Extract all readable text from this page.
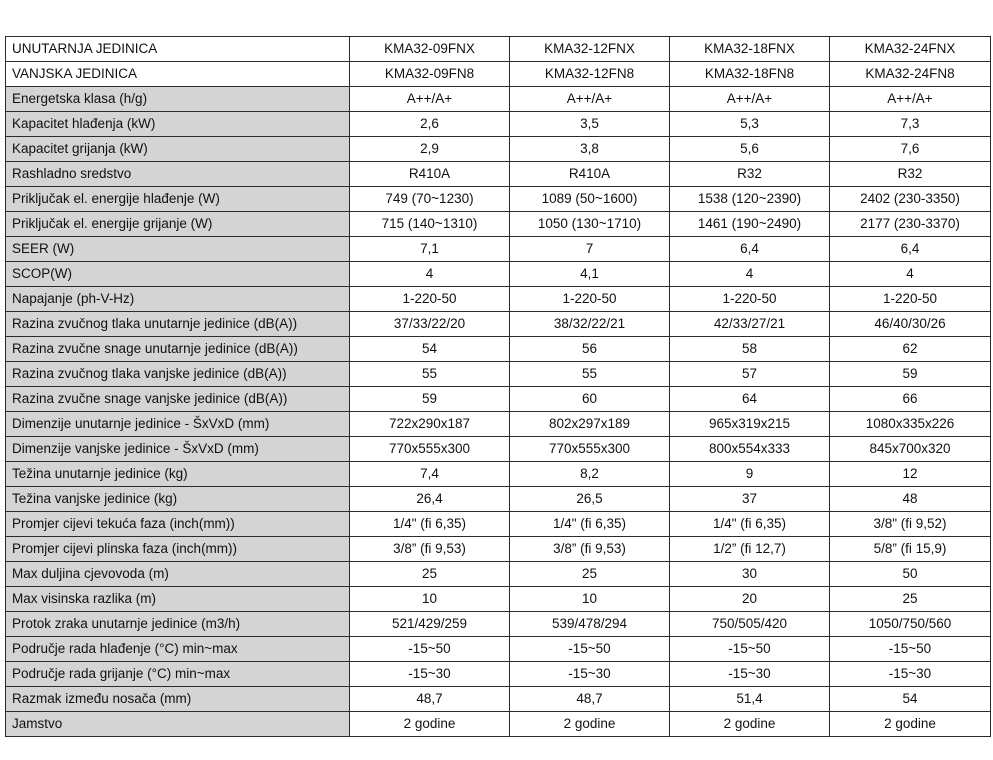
UNUTARNJA JEDINICA	KMA32-09FNX	KMA32-12FNX	KMA32-18FNX	KMA32-24FNX
VANJSKA JEDINICA	KMA32-09FN8	KMA32-12FN8	KMA32-18FN8	KMA32-24FN8
Energetska klasa (h/g)	A++/A+	A++/A+	A++/A+	A++/A+
Kapacitet hlađenja (kW)	2,6	3,5	5,3	7,3
Kapacitet grijanja (kW)	2,9	3,8	5,6	7,6
Rashladno sredstvo	R410A	R410A	R32	R32
Priključak el. energije hlađenje (W)	749 (70~1230)	1089 (50~1600)	1538 (120~2390)	2402 (230-3350)
Priključak el. energije grijanje (W)	715 (140~1310)	1050 (130~1710)	1461 (190~2490)	2177 (230-3370)
SEER (W)	7,1	7	6,4	6,4
SCOP(W)	4	4,1	4	4
Napajanje (ph-V-Hz)	1-220-50	1-220-50	1-220-50	1-220-50
Razina zvučnog tlaka unutarnje jedinice (dB(A))	37/33/22/20	38/32/22/21	42/33/27/21	46/40/30/26
Razina zvučne snage unutarnje jedinice (dB(A))	54	56	58	62
Razina zvučnog tlaka vanjske jedinice (dB(A))	55	55	57	59
Razina zvučne snage vanjske jedinice (dB(A))	59	60	64	66
Dimenzije unutarnje jedinice - ŠxVxD (mm)	722x290x187	802x297x189	965x319x215	1080x335x226
Dimenzije vanjske jedinice - ŠxVxD (mm)	770x555x300	770x555x300	800x554x333	845x700x320
Težina unutarnje jedinice (kg)	7,4	8,2	9	12
Težina vanjske jedinice (kg)	26,4	26,5	37	48
Promjer cijevi tekuća faza (inch(mm))	1/4" (fi 6,35)	1/4" (fi 6,35)	1/4" (fi 6,35)	3/8" (fi 9,52)
Promjer cijevi plinska faza (inch(mm))	3/8” (fi 9,53)	3/8” (fi 9,53)	1/2” (fi 12,7)	5/8” (fi 15,9)
Max duljina cjevovoda (m)	25	25	30	50
Max visinska razlika (m)	10	10	20	25
Protok zraka unutarnje jedinice (m3/h)	521/429/259	539/478/294	750/505/420	1050/750/560
Područje rada hlađenje (°C) min~max	-15~50	-15~50	-15~50	-15~50
Područje rada grijanje (°C) min~max	-15~30	-15~30	-15~30	-15~30
Razmak između nosača (mm)	48,7	48,7	51,4	54
Jamstvo	2 godine	2 godine	2 godine	2 godine
